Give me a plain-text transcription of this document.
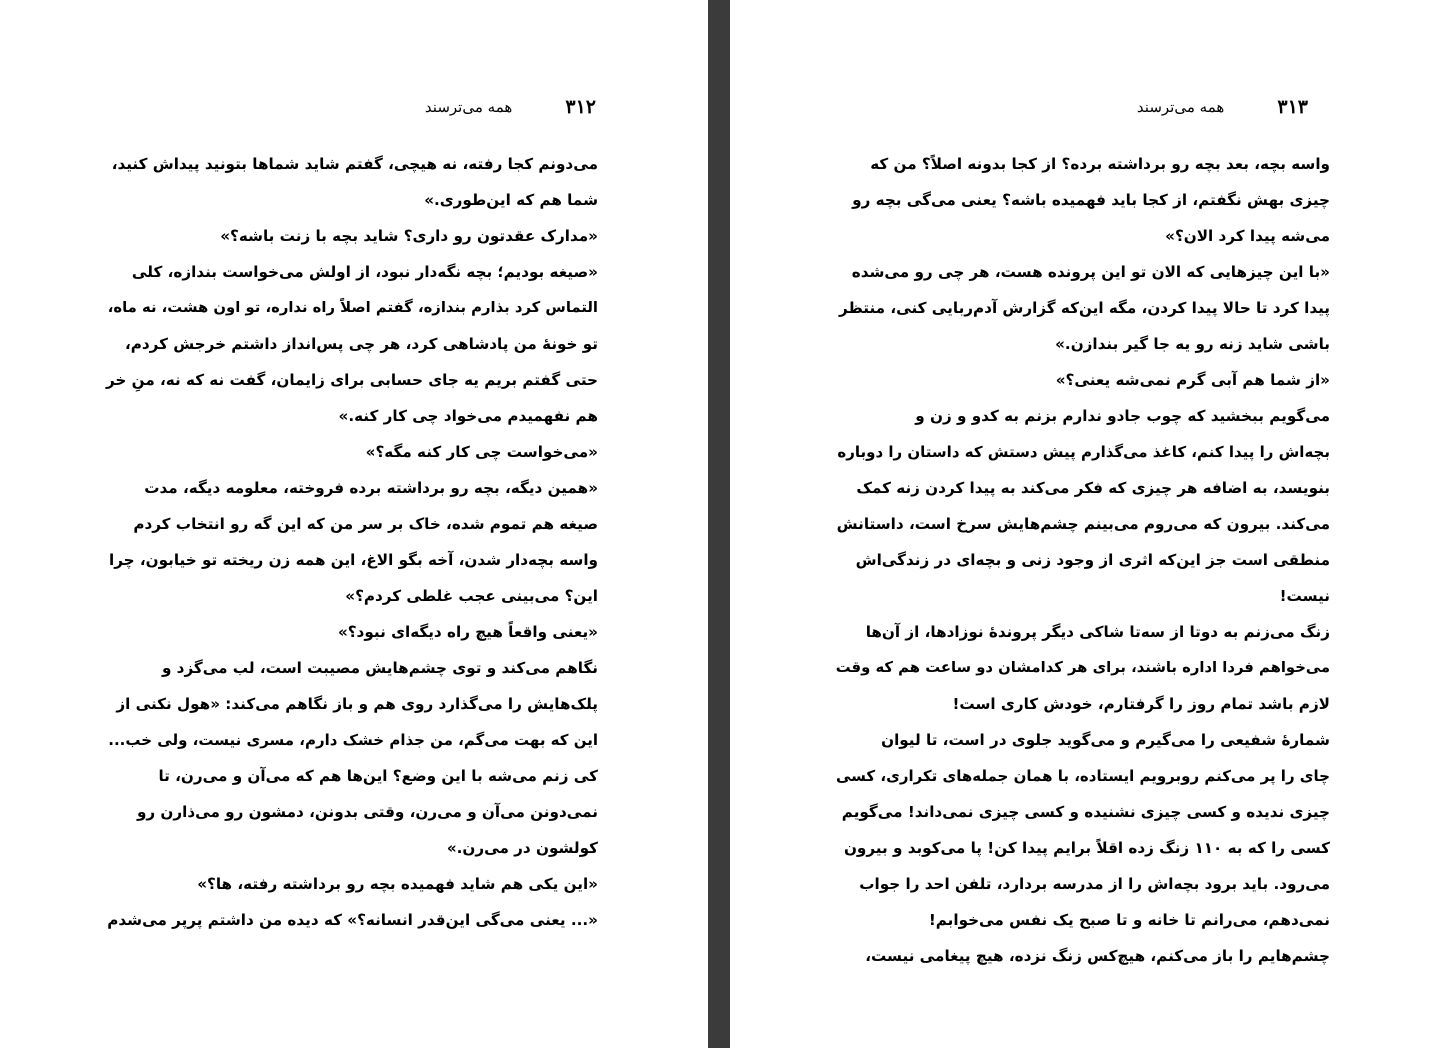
۳۱۲ همه می‌ترسند
می‌دونم کجا رفته، نه هیچی، گفتم شاید شماها بتونید پیداش کنید،
شما هم که این‌طوری.»
«مدارک عقدتون رو داری؟ شاید بچه با زنت باشه؟»
«صیغه بودیم؛ بچه نگه‌دار نبود، از اولش می‌خواست بندازه، کلی
التماس کرد بذارم بندازه، گفتم اصلاً راه نداره، تو اون هشت، نه ماه،
تو خونهٔ من پادشاهی کرد، هر چی پس‌انداز داشتم خرجش کردم،
حتی گفتم بریم یه جای حسابی برای زایمان، گفت نه که نه، منِ خر
هم نفهمیدم می‌خواد چی کار کنه.»
«می‌خواست چی کار کنه مگه؟»
«همین دیگه، بچه رو برداشته برده فروخته، معلومه دیگه، مدت
صیغه هم تموم شده، خاک بر سر من که این گه رو انتخاب کردم
واسه بچه‌دار شدن، آخه بگو الاغ، این همه زن ریخته تو خیابون، چرا
این؟ می‌بینی عجب غلطی کردم؟»
«یعنی واقعاً هیچ راه دیگه‌ای نبود؟»
نگاهم می‌کند و توی چشم‌هایش مصیبت است، لب می‌گزد و
پلک‌هایش را می‌گذارد روی هم و باز نگاهم می‌کند: «هول نکنی از
این که بهت می‌گم، من جذام خشک دارم، مسری نیست، ولی خب...
کی زنم می‌شه با این وضع؟ این‌ها هم که می‌آن و می‌رن، تا
نمی‌دونن می‌آن و می‌رن، وقتی بدونن، دمشون رو می‌ذارن رو
کولشون در می‌رن.»
«این یکی هم شاید فهمیده بچه رو برداشته رفته، ها؟»
«... یعنی می‌گی این‌قدر انسانه؟» که دیده من داشتم پرپر می‌شدم
۳۱۳ همه می‌ترسند
واسه بچه، بعد بچه رو برداشته برده؟ از کجا بدونه اصلاً؟ من که
چیزی بهش نگفتم، از کجا باید فهمیده باشه؟ یعنی می‌گی بچه رو
می‌شه پیدا کرد الان؟»
«با این چیزهایی که الان تو این پرونده هست، هر چی رو می‌شده
پیدا کرد تا حالا پیدا کردن، مگه این‌که گزارش آدم‌ربایی کنی، منتظر
باشی شاید زنه رو یه جا گیر بندازن.»
«از شما هم آبی گرم نمی‌شه یعنی؟»
می‌گویم ببخشید که چوب جادو ندارم بزنم به کدو و زن و
بچه‌اش را پیدا کنم، کاغذ می‌گذارم پیش دستش که داستان را دوباره
بنویسد، به اضافه هر چیزی که فکر می‌کند به پیدا کردن زنه کمک
می‌کند. بیرون که می‌روم می‌بینم چشم‌هایش سرخ است، داستانش
منطقی است جز این‌که اثری از وجود زنی و بچه‌ای در زندگی‌اش
نیست!
زنگ می‌زنم به دوتا از سه‌تا شاکی دیگر پروندهٔ نوزادها، از آن‌ها
می‌خواهم فردا اداره باشند، برای هر کدامشان دو ساعت هم که وقت
لازم باشد تمام روز را گرفتارم، خودش کاری است!
شمارهٔ شفیعی را می‌گیرم و می‌گوید جلوی در است، تا لیوان
چای را پر می‌کنم روبرویم ایستاده، با همان جمله‌های تکراری، کسی
چیزی ندیده و کسی چیزی نشنیده و کسی چیزی نمی‌داند! می‌گویم
کسی را که به ۱۱۰ زنگ زده اقلاً برایم پیدا کن! پا می‌کوبد و بیرون
می‌رود. باید برود بچه‌اش را از مدرسه بردارد، تلفن احد را جواب
نمی‌دهم، می‌رانم تا خانه و تا صبح یک نفس می‌خوابم!
چشم‌هایم را باز می‌کنم، هیچ‌کس زنگ نزده، هیچ پیغامی نیست،
